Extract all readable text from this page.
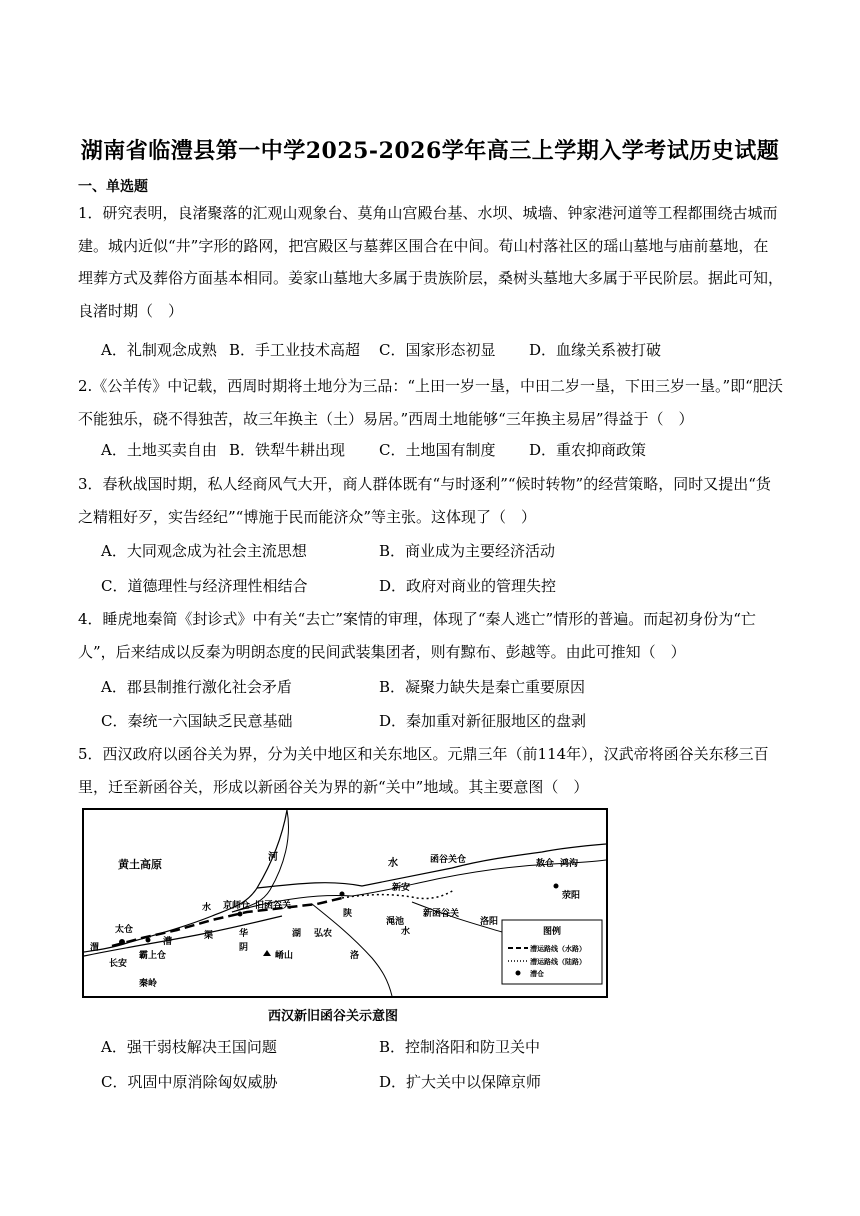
湖南省临澧县第一中学2025-2026学年高三上学期入学考试历史试题
一、单选题
1．研究表明，良渚聚落的汇观山观象台、莫角山宫殿台基、水坝、城墙、钟家港河道等工程都围绕古城而建。城内近似“井”字形的路网，把宫殿区与墓葬区围合在中间。荀山村落社区的瑶山墓地与庙前墓地，在埋葬方式及葬俗方面基本相同。姜家山墓地大多属于贵族阶层，桑树头墓地大多属于平民阶层。据此可知，良渚时期（　）
A．礼制观念成熟 B．手工业技术高超 C．国家形态初显 D．血缘关系被打破
2.《公羊传》中记载，西周时期将土地分为三品：“上田一岁一垦，中田二岁一垦，下田三岁一垦。”即“肥沃不能独乐，硗不得独苦，故三年换主（土）易居。”西周土地能够“三年换主易居”得益于（　）
A．土地买卖自由 B．铁犁牛耕出现 C．土地国有制度 D．重农抑商政策
3．春秋战国时期，私人经商风气大开，商人群体既有“与时逐利”“候时转物”的经营策略，同时又提出“货之精粗好歹，实告经纪”“博施于民而能济众”等主张。这体现了（　）
A．大同观念成为社会主流思想	B．商业成为主要经济活动
C．道德理性与经济理性相结合	D．政府对商业的管理失控
4．睡虎地秦简《封诊式》中有关“去亡”案情的审理，体现了“秦人逃亡”情形的普遍。而起初身份为“亡人”，后来结成以反秦为明朗态度的民间武装集团者，则有黥布、彭越等。由此可推知（　）
A．郡县制推行激化社会矛盾	B．凝聚力缺失是秦亡重要原因
C．秦统一六国缺乏民意基础	D．秦加重对新征服地区的盘剥
5．西汉政府以函谷关为界，分为关中地区和关东地区。元鼎三年（前114年），汉武帝将函谷关东移三百里，迁至新函谷关，形成以新函谷关为界的新“关中”地域。其主要意图（　）
图例
漕运路线（水路）
漕运路线（陆路）
漕仓
黄土高原
河
水	函谷关仓	敖仓 鸿沟
荥阳
新安
京师仓 旧函谷关
陕
渑池
新函谷关
洛阳
太仓
渭
华	湖 弘农
漕
阴
长安
霸上仓	崤山	洛
秦岭
水
渠	水
西汉新旧函谷关示意图
A．强干弱枝解决王国问题	B．控制洛阳和防卫关中
C．巩固中原消除匈奴威胁	D．扩大关中以保障京师
